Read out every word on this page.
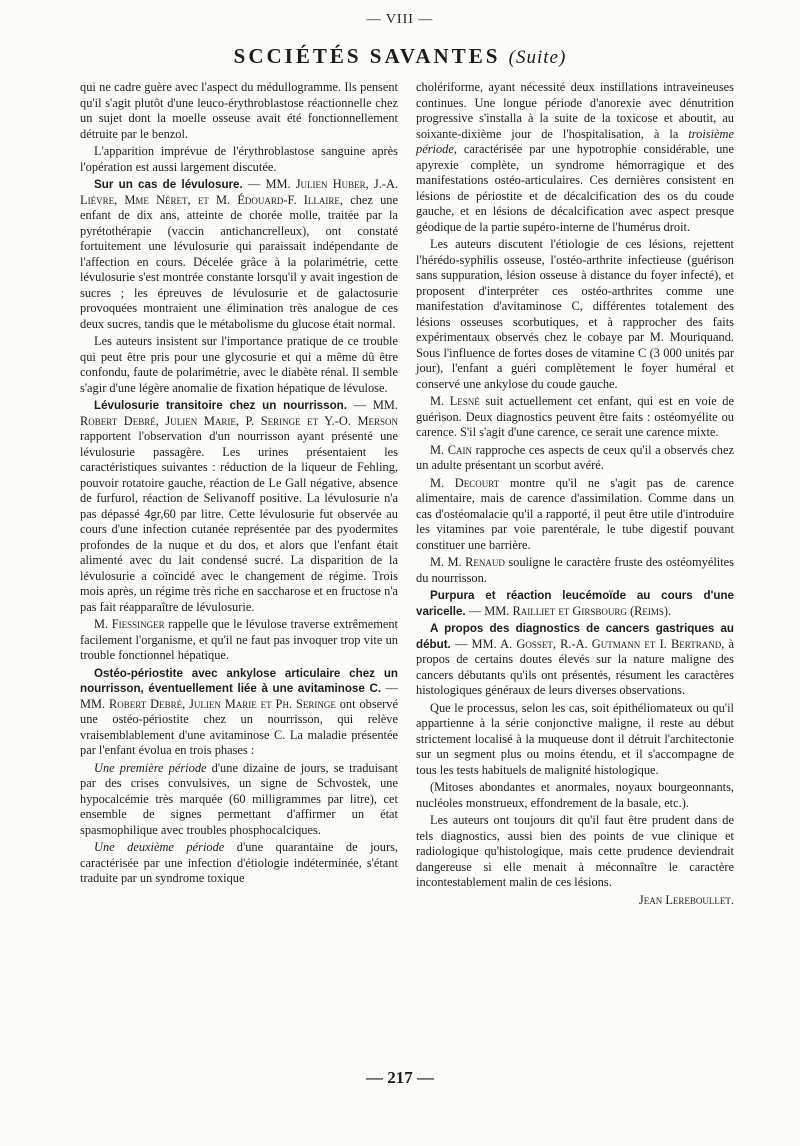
— VIII —
SCCIÉTÉS SAVANTES (Suite)

qui ne cadre guère avec l'aspect du médullogramme. Ils pensent qu'il s'agit plutôt d'une leuco-érythroblastose réactionnelle chez un sujet dont la moelle osseuse avait été fonctionnellement détruite par le benzol.

L'apparition imprévue de l'érythroblastose sanguine après l'opération est aussi largement discutée.

Sur un cas de lévulosure. — MM. Julien Huber, J.-A. Liévre, Mme Néret, et M. Édouard-F. Illaire, chez une enfant de dix ans, atteinte de chorée molle, traitée par la pyrétothérapie (vaccin antichancrelleux), ont constaté fortuitement une lévulosurie qui paraissait indépendante de l'affection en cours. Décelée grâce à la polarimétrie, cette lévulosurie s'est montrée constante lorsqu'il y avait ingestion de sucres ; les épreuves de lévulosurie et de galactosurie provoquées montraient une élimination très analogue de ces deux sucres, tandis que le métabolisme du glucose était normal.

Les auteurs insistent sur l'importance pratique de ce trouble qui peut être pris pour une glycosurie et qui a même dû être confondu, faute de polarimétrie, avec le diabète rénal. Il semble s'agir d'une légère anomalie de fixation hépatique de lévulose.

Lévulosurie transitoire chez un nourrisson. — MM. Robert Debré, Julien Marie, P. Seringe et Y.-O. Merson rapportent l'observation d'un nourrisson ayant présenté une lévulosurie passagère. Les urines présentaient les caractéristiques suivantes : réduction de la liqueur de Fehling, pouvoir rotatoire gauche, réaction de Le Gall négative, absence de furfurol, réaction de Selivanoff positive. La lévulosurie n'a pas dépassé 4gr,60 par litre. Cette lévulosurie fut observée au cours d'une infection cutanée représentée par des pyodermites profondes de la nuque et du dos, et alors que l'enfant était alimenté avec du lait condensé sucré. La disparition de la lévulosurie a coïncidé avec le changement de régime. Trois mois après, un régime très riche en saccharose et en fructose n'a pas fait réapparaître de lévulosurie.

M. Fiessinger rappelle que le lévulose traverse extrêmement facilement l'organisme, et qu'il ne faut pas invoquer trop vite un trouble fonctionnel hépatique.

Ostéo-périostite avec ankylose articulaire chez un nourrisson, éventuellement liée à une avitaminose C. — MM. Robert Debré, Julien Marie et Ph. Seringe ont observé une ostéo-périostite chez un nourrisson, qui relève vraisemblablement d'une avitaminose C. La maladie présentée par l'enfant évolua en trois phases :

Une première période d'une dizaine de jours, se traduisant par des crises convulsives, un signe de Schvostek, une hypocalcémie très marquée (60 milligrammes par litre), cet ensemble de signes permettant d'affirmer un état spasmophilique avec troubles phosphocalciques.

Une deuxième période d'une quarantaine de jours, caractérisée par une infection d'étiologie indéterminée, s'étant traduite par un syndrome toxique

cholériforme, ayant nécessité deux instillations intraveineuses continues. Une longue période d'anorexie avec dénutrition progressive s'installa à la suite de la toxicose et aboutit, au soixante-dixième jour de l'hospitalisation, à la troisième période, caractérisée par une hypotrophie considérable, une apyrexie complète, un syndrome hémorragique et des manifestations ostéo-articulaires. Ces dernières consistent en lésions de périostite et de décalcification des os du coude gauche, et en lésions de décalcification avec aspect presque géodique de la partie supéro-interne de l'humérus droit.

Les auteurs discutent l'étiologie de ces lésions, rejettent l'hérédo-syphilis osseuse, l'ostéo-arthrite infectieuse (guérison sans suppuration, lésion osseuse à distance du foyer infecté), et proposent d'interpréter ces ostéo-arthrites comme une manifestation d'avitaminose C, différentes totalement des lésions osseuses scorbutiques, et à rapprocher des faits expérimentaux observés chez le cobaye par M. Mouriquand. Sous l'influence de fortes doses de vitamine C (3 000 unités par jour), l'enfant a guéri complètement le foyer huméral et conservé une ankylose du coude gauche.

M. Lesné suit actuellement cet enfant, qui est en voie de guérison. Deux diagnostics peuvent être faits : ostéomyélite ou carence. S'il s'agit d'une carence, ce serait une carence mixte.

M. Cain rapproche ces aspects de ceux qu'il a observés chez un adulte présentant un scorbut avéré.

M. Decourt montre qu'il ne s'agit pas de carence alimentaire, mais de carence d'assimilation. Comme dans un cas d'ostéomalacie qu'il a rapporté, il peut être utile d'introduire les vitamines par voie parentérale, le tube digestif pouvant constituer une barrière.

M. M. Renaud souligne le caractère fruste des ostéomyélites du nourrisson.

Purpura et réaction leucémoïde au cours d'une varicelle. — MM. Railliet et Girsbourg (Reims).

A propos des diagnostics de cancers gastriques au début. — MM. A. Gosset, R.-A. Gutmann et I. Bertrand, à propos de certains doutes élevés sur la nature maligne des cancers débutants qu'ils ont présentés, résument les caractères histologiques généraux de leurs diverses observations.

Que le processus, selon les cas, soit épithéliomateux ou qu'il appartienne à la série conjonctive maligne, il reste au début strictement localisé à la muqueuse dont il détruit l'architectonie sur un segment plus ou moins étendu, et il s'accompagne de tous les tests habituels de malignité histologique.

(Mitoses abondantes et anormales, noyaux bourgeonnants, nucléoles monstrueux, effondrement de la basale, etc.).

Les auteurs ont toujours dit qu'il faut être prudent dans de tels diagnostics, aussi bien des points de vue clinique et radiologique qu'histologique, mais cette prudence deviendrait dangereuse si elle menait à méconnaître le caractère incontestablement malin de ces lésions.

Jean Lereboullet.

— 217 —
